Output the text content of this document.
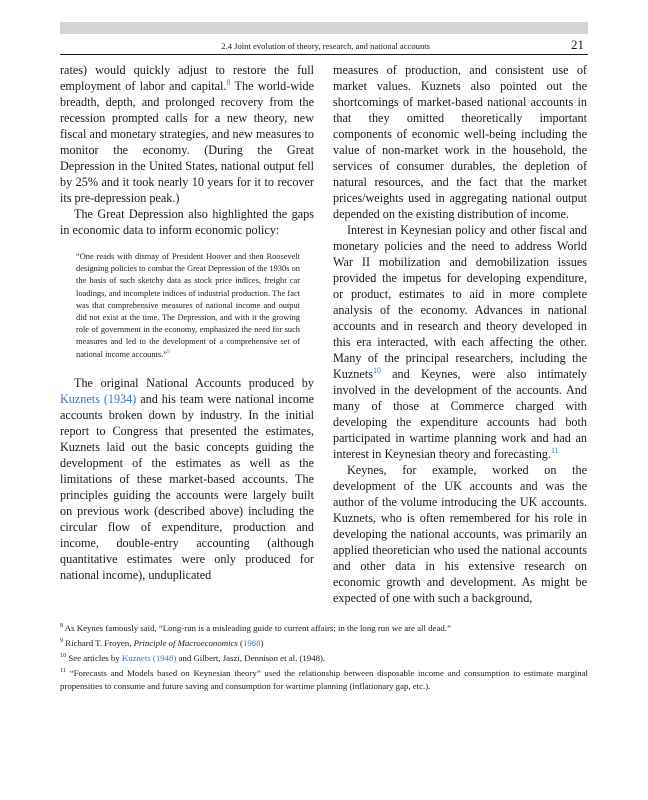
2.4 Joint evolution of theory, research, and national accounts	21

rates) would quickly adjust to restore the full employment of labor and capital.$^8$ The world-wide breadth, depth, and prolonged recovery from the recession prompted calls for a new theory, new fiscal and monetary strategies, and new measures to monitor the economy. (During the Great Depression in the United States, national output fell by 25% and it took nearly 10 years for it to recover its pre-depression peak.)

The Great Depression also highlighted the gaps in economic data to inform economic policy:

“One reads with dismay of President Hoover and then Roosevelt designing policies to combat the Great Depression of the 1930s on the basis of such sketchy data as stock price indices, freight car loadings, and incomplete indices of industrial production. The fact was that comprehensive measures of national income and output did not exist at the time. The Depression, and with it the growing role of government in the economy, emphasized the need for such measures and led to the development of a comprehensive set of national income accounts.”$^9$

The original National Accounts produced by Kuznets (1934) and his team were national income accounts broken down by industry. In the initial report to Congress that presented the estimates, Kuznets laid out the basic concepts guiding the development of the estimates as well as the limitations of these market-based accounts. The principles guiding the accounts were largely built on previous work (described above) including the circular flow of expenditure, production and income, double-entry accounting (although quantitative estimates were only produced for national income), unduplicated

measures of production, and consistent use of market values. Kuznets also pointed out the shortcomings of market-based national accounts in that they omitted theoretically important components of economic well-being including the value of non-market work in the household, the services of consumer durables, the depletion of natural resources, and the fact that the market prices/weights used in aggregating national output depended on the existing distribution of income.

Interest in Keynesian policy and other fiscal and monetary policies and the need to address World War II mobilization and demobilization issues provided the impetus for developing expenditure, or product, estimates to aid in more complete analysis of the economy. Advances in national accounts and in research and theory developed in this era interacted, with each affecting the other. Many of the principal researchers, including the Kuznets$^{10}$ and Keynes, were also intimately involved in the development of the accounts. And many of those at Commerce charged with developing the expenditure accounts had both participated in wartime planning work and had an interest in Keynesian theory and forecasting.$^{11}$

Keynes, for example, worked on the development of the UK accounts and was the author of the volume introducing the UK accounts. Kuznets, who is often remembered for his role in developing the national accounts, was primarily an applied theoretician who used the national accounts and other data in his extensive research on economic growth and development. As might be expected of one with such a background,

$^8$ As Keynes famously said, “Long-run is a misleading guide to current affairs; in the long run we are all dead.”

$^9$ Richard T. Froyen, Principle of Macroeconomics (1988)

$^{10}$ See articles by Kuznets (1948) and Gilbert, Jaszi, Dennison et al. (1948).

$^{11}$ “Forecasts and Models based on Keynesian theory” used the relationship between disposable income and consumption to estimate marginal propensities to consume and future saving and consumption for wartime planning (inflationary gap, etc.).
